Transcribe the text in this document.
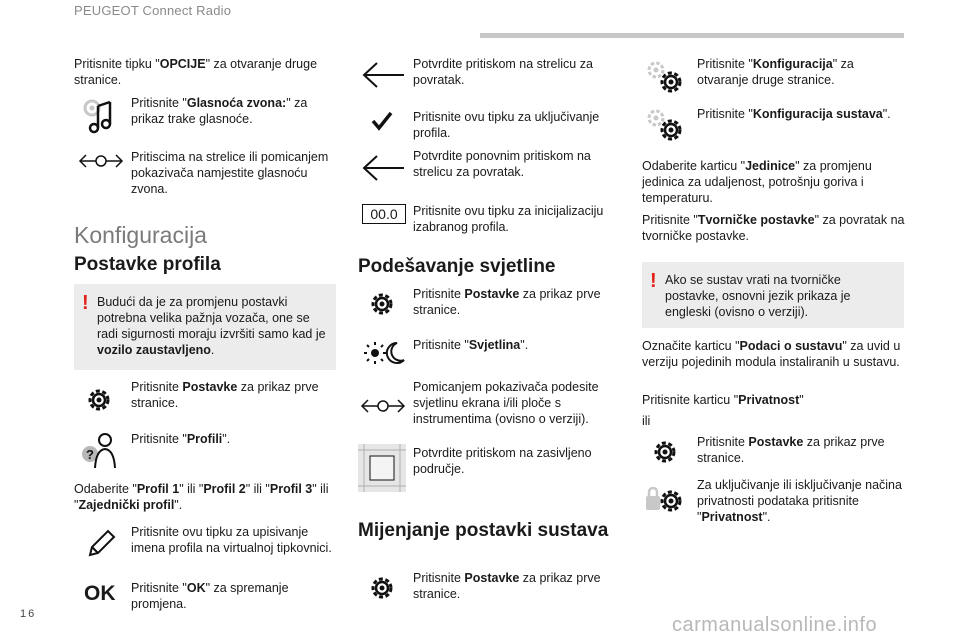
PEUGEOT Connect Radio
16	carmanualsonline.info
Pritisnite tipku "OPCIJE" za otvaranje druge stranice.
Pritisnite "Glasnoća zvona:" za prikaz trake glasnoće.
Pritiscima na strelice ili pomicanjem pokazivača namjestite glasnoću zvona.
Konfiguracija
Postavke profila
! Budući da je za promjenu postavki potrebna velika pažnja vozača, one se radi sigurnosti moraju izvršiti samo kad je vozilo zaustavljeno.
Pritisnite Postavke za prikaz prve stranice.
?
Pritisnite "Profili".
Odaberite "Profil 1" ili "Profil 2" ili "Profil 3" ili "Zajednički profil".
Pritisnite ovu tipku za upisivanje imena profila na virtualnoj tipkovnici.
OK Pritisnite "OK" za spremanje promjena.
Potvrdite pritiskom na strelicu za povratak.
Pritisnite ovu tipku za uključivanje profila.
Potvrdite ponovnim pritiskom na strelicu za povratak.
00.0	Pritisnite ovu tipku za inicijalizaciju izabranog profila.
Podešavanje svjetline
Pritisnite Postavke za prikaz prve stranice.
Pritisnite "Svjetlina".
Pomicanjem pokazivača podesite svjetlinu ekrana i/ili ploče s instrumentima (ovisno o verziji).
Potvrdite pritiskom na zasivljeno područje.
Mijenjanje postavki sustava
Pritisnite Postavke za prikaz prve stranice.
Pritisnite "Konfiguracija" za otvaranje druge stranice.
Pritisnite "Konfiguracija sustava".
Odaberite karticu "Jedinice" za promjenu jedinica za udaljenost, potrošnju goriva i temperaturu.
Pritisnite "Tvorničke postavke" za povratak na tvorničke postavke.
! Ako se sustav vrati na tvorničke postavke, osnovni jezik prikaza je engleski (ovisno o verziji).
Označite karticu "Podaci o sustavu" za uvid u verziju pojedinih modula instaliranih u sustavu.
Pritisnite karticu "Privatnost"
ili
Pritisnite Postavke za prikaz prve stranice.
Za uključivanje ili isključivanje načina privatnosti podataka pritisnite "Privatnost".
